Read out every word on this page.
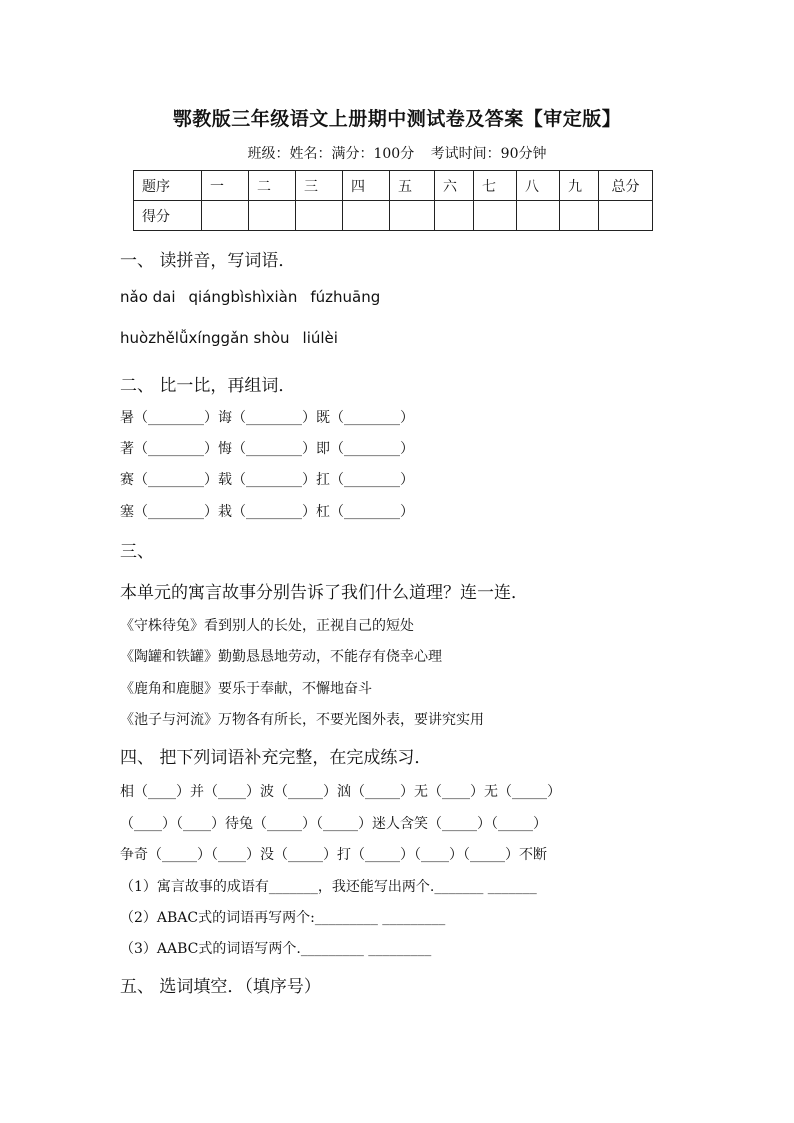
鄂教版三年级语文上册期中测试卷及答案【审定版】
班级：姓名：满分：100分 考试时间：90分钟
题序	一	二	三	四	五	六	七	八	九	总分
得分										
一、 读拼音，写词语．
nǎo dai qiángbìshìxiàn fúzhuāng
huòzhělǚxínggǎn shòu liúlèi
二、 比一比，再组词．
暑（________）诲（________）既（________）
著（________）悔（________）即（________）
赛（________）载（________）扛（________）
塞（________）栽（________）杠（________）
三、
本单元的寓言故事分别告诉了我们什么道理？连一连．
《守株待兔》看到别人的长处，正视自己的短处
《陶罐和铁罐》勤勤恳恳地劳动，不能存有侥幸心理
《鹿角和鹿腿》要乐于奉献，不懈地奋斗
《池子与河流》万物各有所长，不要光图外表，要讲究实用
四、 把下列词语补充完整，在完成练习．
相（____）并（____）波（_____）汹（_____）无（____）无（_____）
（____）（____）待兔（_____）（_____）迷人含笑（_____）（_____）
争奇（_____）（____）没（_____）打（_____）（____）（_____）不断
（1）寓言故事的成语有_______，我还能写出两个._______ _______
（2）ABAC式的词语再写两个:_________ _________
（3）AABC式的词语写两个._________ _________
五、 选词填空．（填序号）
